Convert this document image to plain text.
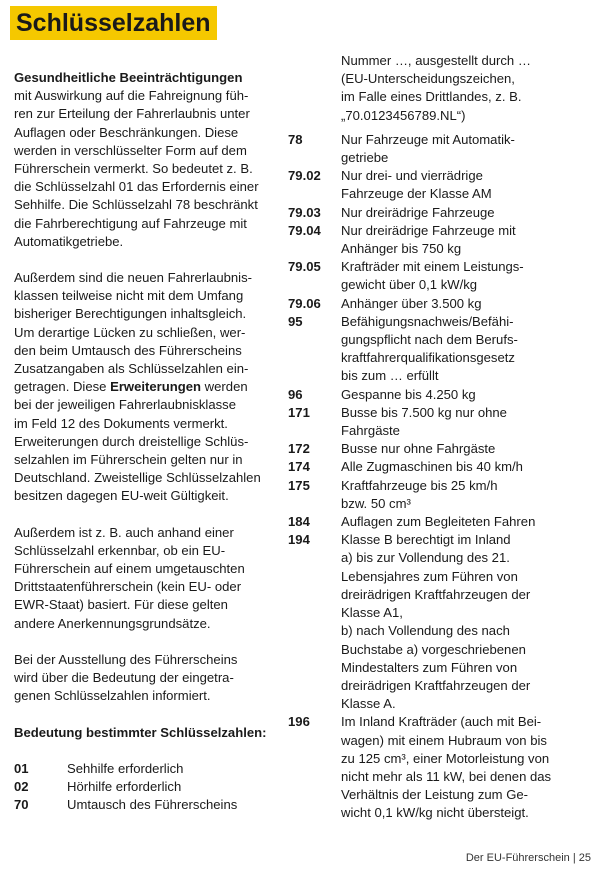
Schlüsselzahlen
Gesundheitliche Beeinträchtigungen
mit Auswirkung auf die Fahreignung füh-
ren zur Erteilung der Fahrerlaubnis unter
Auflagen oder Beschränkungen. Diese
werden in verschlüsselter Form auf dem
Führerschein vermerkt. So bedeutet z. B.
die Schlüsselzahl 01 das Erfordernis einer
Sehhilfe. Die Schlüsselzahl 78 beschränkt
die Fahrberechtigung auf Fahrzeuge mit
Automatikgetriebe.
Außerdem sind die neuen Fahrerlaubnis-
klassen teilweise nicht mit dem Umfang
bisheriger Berechtigungen inhaltsgleich.
Um derartige Lücken zu schließen, wer-
den beim Umtausch des Führerscheins
Zusatzangaben als Schlüsselzahlen ein-
getragen. Diese Erweiterungen werden
bei der jeweiligen Fahrerlaubnisklasse
im Feld 12 des Dokuments vermerkt.
Erweiterungen durch dreistellige Schlüs-
selzahlen im Führerschein gelten nur in
Deutschland. Zweistellige Schlüsselzahlen
besitzen dagegen EU-weit Gültigkeit.
Außerdem ist z. B. auch anhand einer
Schlüsselzahl erkennbar, ob ein EU-
Führerschein auf einem umgetauschten
Drittstaatenführerschein (kein EU- oder
EWR-Staat) basiert. Für diese gelten
andere Anerkennungsgrundsätze.
Bei der Ausstellung des Führerscheins
wird über die Bedeutung der eingetra-
genen Schlüsselzahlen informiert.
Bedeutung bestimmter Schlüsselzahlen:
01	Sehhilfe erforderlich
02	Hörhilfe erforderlich
70	Umtausch des Führerscheins
Nummer …, ausgestellt durch …
(EU-Unterscheidungszeichen,
im Falle eines Drittlandes, z. B.
„70.0123456789.NL“)
78	Nur Fahrzeuge mit Automatik-
getriebe
79.02	Nur drei- und vierrädrige
Fahrzeuge der Klasse AM
79.03	Nur dreirädrige Fahrzeuge
79.04	Nur dreirädrige Fahrzeuge mit
Anhänger bis 750 kg
79.05	Krafträder mit einem Leistungs-
gewicht über 0,1 kW/kg
79.06	Anhänger über 3.500 kg
95	Befähigungsnachweis/Befähi-
gungspflicht nach dem Berufs-
kraftfahrerqualifikationsgesetz
bis zum … erfüllt
96	Gespanne bis 4.250 kg
171	Busse bis 7.500 kg nur ohne
Fahrgäste
172	Busse nur ohne Fahrgäste
174	Alle Zugmaschinen bis 40 km/h
175	Kraftfahrzeuge bis 25 km/h
bzw. 50 cm³
184	Auflagen zum Begleiteten Fahren
194	Klasse B berechtigt im Inland
a) bis zur Vollendung des 21.
Lebensjahres zum Führen von
dreirädrigen Kraftfahrzeugen der
Klasse A1,
b) nach Vollendung des nach
Buchstabe a) vorgeschriebenen
Mindestalters zum Führen von
dreirädrigen Kraftfahrzeugen der
Klasse A.
196	Im Inland Krafträder (auch mit Bei-
wagen) mit einem Hubraum von bis
zu 125 cm³, einer Motorleistung von
nicht mehr als 11 kW, bei denen das
Verhältnis der Leistung zum Ge-
wicht 0,1 kW/kg nicht übersteigt.
Der EU-Führerschein | 25
